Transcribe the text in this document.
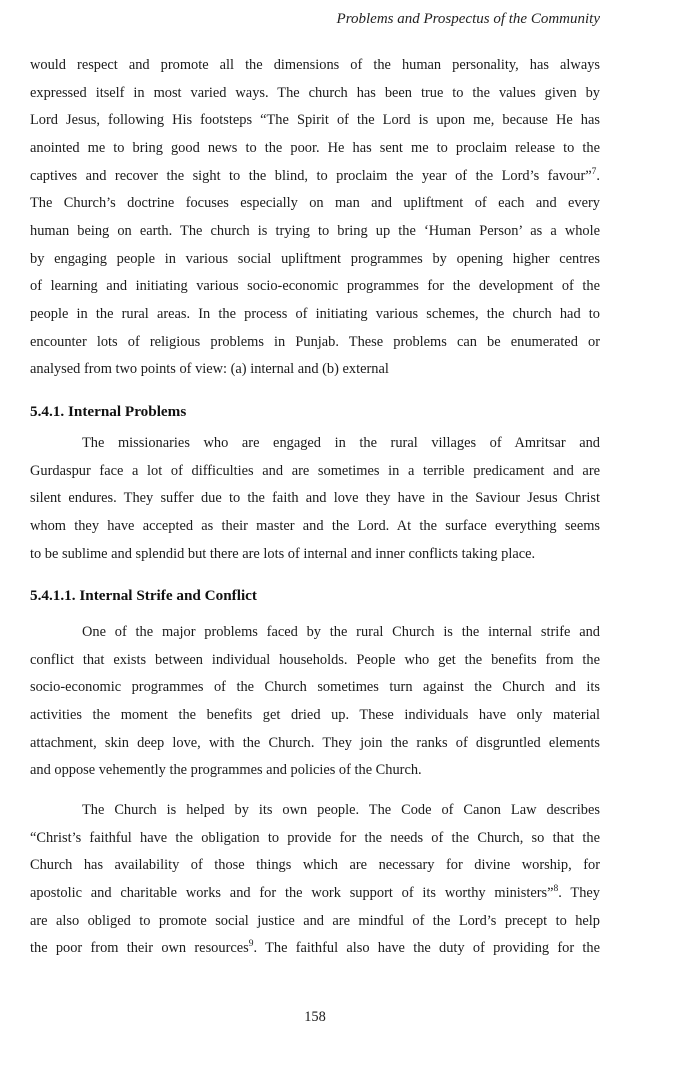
Problems and Prospectus of the Community
would respect and promote all the dimensions of the human personality, has always
expressed itself in most varied ways. The church has been true to the values given by
Lord Jesus, following His footsteps “The Spirit of the Lord is upon me, because He has
anointed me to bring good news to the poor. He has sent me to proclaim release to the
captives and recover the sight to the blind, to proclaim the year of the Lord’s favour”$^7$.
The Church’s doctrine focuses especially on man and upliftment of each and every
human being on earth. The church is trying to bring up the ‘Human Person’ as a whole
by engaging people in various social upliftment programmes by opening higher centres
of learning and initiating various socio-economic programmes for the development of the
people in the rural areas. In the process of initiating various schemes, the church had to
encounter lots of religious problems in Punjab. These problems can be enumerated or
analysed from two points of view: (a) internal and (b) external
5.4.1. Internal Problems
The missionaries who are engaged in the rural villages of Amritsar and
Gurdaspur face a lot of difficulties and are sometimes in a terrible predicament and are
silent endures. They suffer due to the faith and love they have in the Saviour Jesus Christ
whom they have accepted as their master and the Lord. At the surface everything seems
to be sublime and splendid but there are lots of internal and inner conflicts taking place.
5.4.1.1. Internal Strife and Conflict
One of the major problems faced by the rural Church is the internal strife and
conflict that exists between individual households. People who get the benefits from the
socio-economic programmes of the Church sometimes turn against the Church and its
activities the moment the benefits get dried up. These individuals have only material
attachment, skin deep love, with the Church. They join the ranks of disgruntled elements
and oppose vehemently the programmes and policies of the Church.
The Church is helped by its own people. The Code of Canon Law describes
“Christ’s faithful have the obligation to provide for the needs of the Church, so that the
Church has availability of those things which are necessary for divine worship, for
apostolic and charitable works and for the work support of its worthy ministers”$^8$. They
are also obliged to promote social justice and are mindful of the Lord’s precept to help
the poor from their own resources$^9$. The faithful also have the duty of providing for the
158
